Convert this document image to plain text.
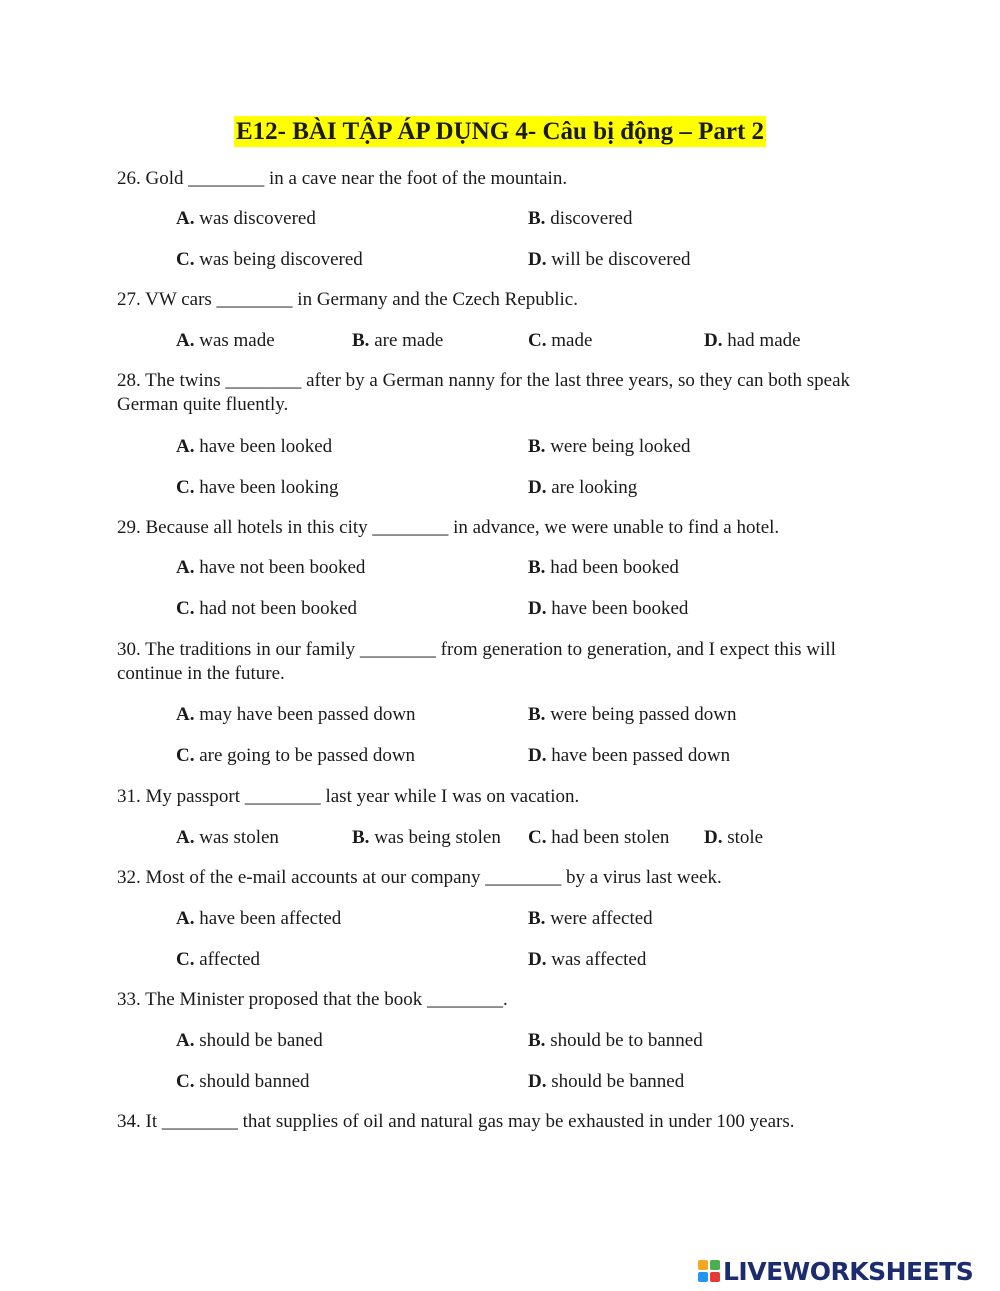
E12- BÀI TẬP ÁP DỤNG 4- Câu bị động – Part 2
26. Gold ________ in a cave near the foot of the mountain.
A. was discovered	B. discovered
C. was being discovered	D. will be discovered
27. VW cars ________ in Germany and the Czech Republic.
A. was made	B. are made	C. made	D. had made
28. The twins ________ after by a German nanny for the last three years, so they can both speak German quite fluently.
A. have been looked	B. were being looked
C. have been looking	D. are looking
29. Because all hotels in this city ________ in advance, we were unable to find a hotel.
A. have not been booked	B. had been booked
C. had not been booked	D. have been booked
30. The traditions in our family ________ from generation to generation, and I expect this will continue in the future.
A. may have been passed down	B. were being passed down
C. are going to be passed down	D. have been passed down
31. My passport ________ last year while I was on vacation.
A. was stolen	B. was being stolen C. had been stolen D. stole
32. Most of the e-mail accounts at our company ________ by a virus last week.
A. have been affected	B. were affected
C. affected	D. was affected
33. The Minister proposed that the book ________.
A. should be baned	B. should be to banned
C. should banned	D. should be banned
34. It ________ that supplies of oil and natural gas may be exhausted in under 100 years.
LIVEWORKSHEETS
